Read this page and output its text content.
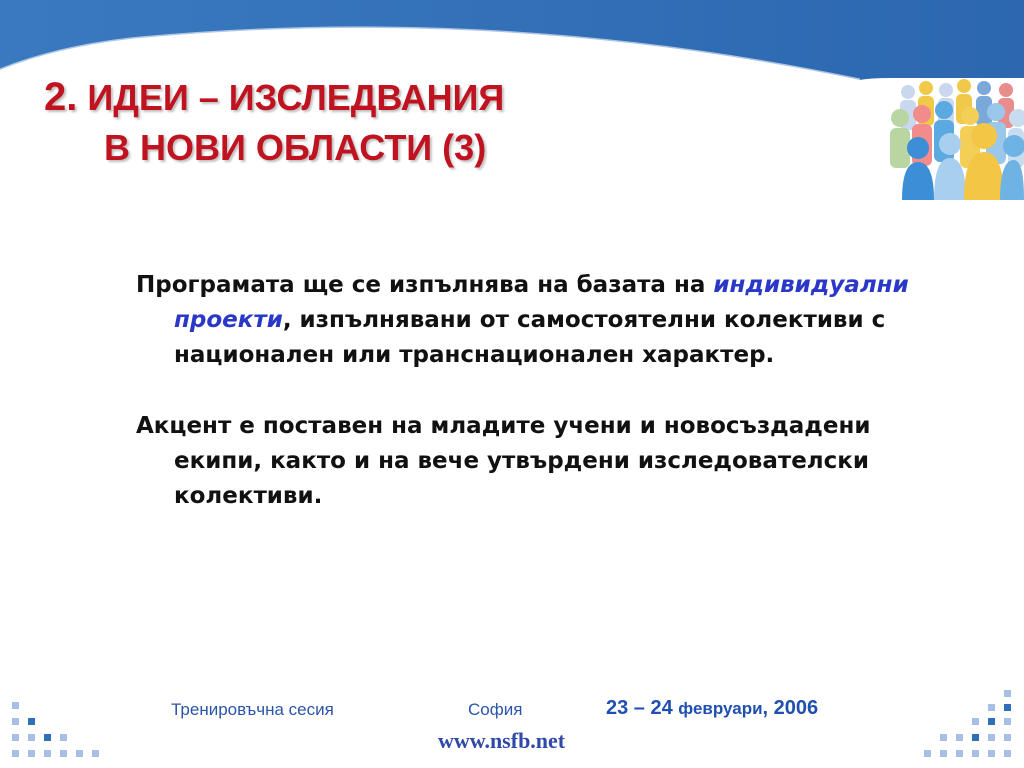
2. ИДЕИ – ИЗСЛЕДВАНИЯ
В НОВИ ОБЛАСТИ (3)

Програмата ще се изпълнява на базата на индивидуални проекти, изпълнявани от самостоятелни колективи с национален или транснационален характер.

Акцент е поставен на младите учени и новосъздадени екипи, както и на вече утвърдени изследователски колективи.

Тренировъчна сесия	София	23 – 24 февруари, 2006
www.nsfb.net
